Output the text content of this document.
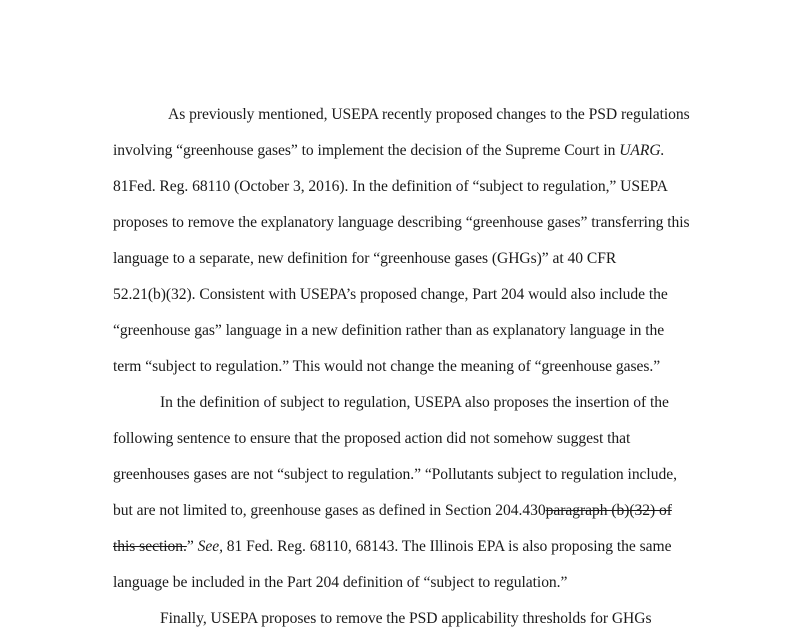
As previously mentioned, USEPA recently proposed changes to the PSD regulations
involving “greenhouse gases” to implement the decision of the Supreme Court in UARG.
81Fed. Reg. 68110 (October 3, 2016). In the definition of “subject to regulation,” USEPA
proposes to remove the explanatory language describing “greenhouse gases” transferring this
language to a separate, new definition for “greenhouse gases (GHGs)” at 40 CFR
52.21(b)(32). Consistent with USEPA’s proposed change, Part 204 would also include the
“greenhouse gas” language in a new definition rather than as explanatory language in the
term “subject to regulation.” This would not change the meaning of “greenhouse gases.”
In the definition of subject to regulation, USEPA also proposes the insertion of the
following sentence to ensure that the proposed action did not somehow suggest that
greenhouses gases are not “subject to regulation.” “Pollutants subject to regulation include,
but are not limited to, greenhouse gases as defined in Section 204.430paragraph (b)(32) of
this section.” See, 81 Fed. Reg. 68110, 68143. The Illinois EPA is also proposing the same
language be included in the Part 204 definition of “subject to regulation.”
Finally, USEPA proposes to remove the PSD applicability thresholds for GHGs
